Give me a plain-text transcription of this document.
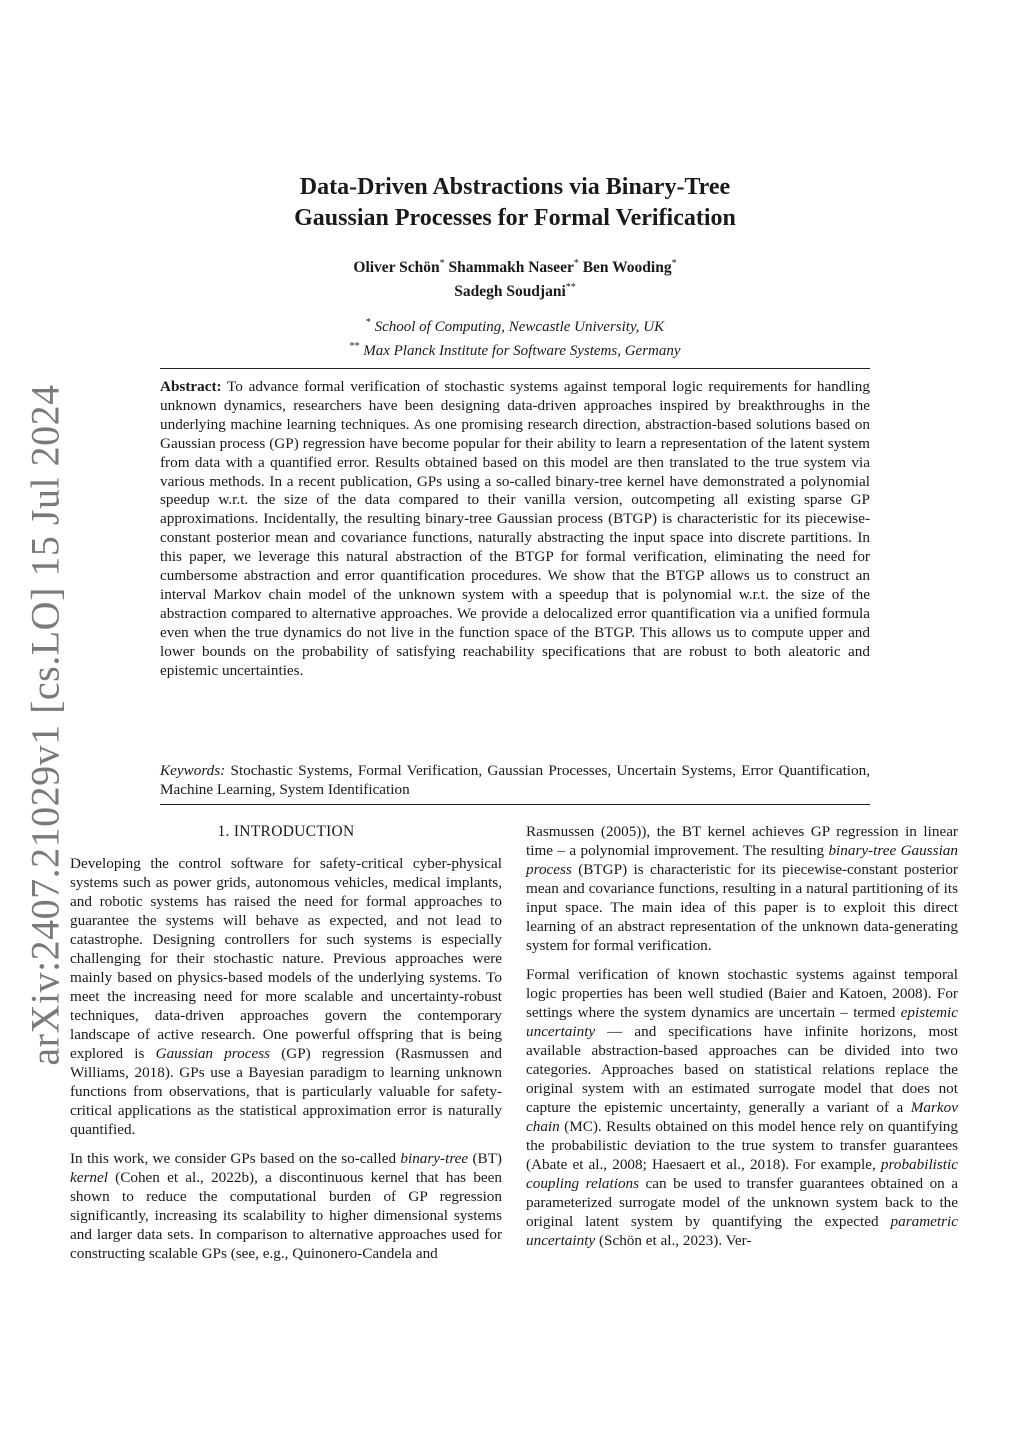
arXiv:2407.21029v1 [cs.LO] 15 Jul 2024
Data-Driven Abstractions via Binary-Tree
Gaussian Processes for Formal Verification
Oliver Schön* Shammakh Naseer* Ben Wooding*
Sadegh Soudjani**
* School of Computing, Newcastle University, UK
** Max Planck Institute for Software Systems, Germany
Abstract: To advance formal verification of stochastic systems against temporal logic requirements for handling unknown dynamics, researchers have been designing data-driven approaches inspired by breakthroughs in the underlying machine learning techniques. As one promising research direction, abstraction-based solutions based on Gaussian process (GP) regression have become popular for their ability to learn a representation of the latent system from data with a quantified error. Results obtained based on this model are then translated to the true system via various methods. In a recent publication, GPs using a so-called binary-tree kernel have demonstrated a polynomial speedup w.r.t. the size of the data compared to their vanilla version, outcompeting all existing sparse GP approximations. Incidentally, the resulting binary-tree Gaussian process (BTGP) is characteristic for its piecewise-constant posterior mean and covariance functions, naturally abstracting the input space into discrete partitions. In this paper, we leverage this natural abstraction of the BTGP for formal verification, eliminating the need for cumbersome abstraction and error quantification procedures. We show that the BTGP allows us to construct an interval Markov chain model of the unknown system with a speedup that is polynomial w.r.t. the size of the abstraction compared to alternative approaches. We provide a delocalized error quantification via a unified formula even when the true dynamics do not live in the function space of the BTGP. This allows us to compute upper and lower bounds on the probability of satisfying reachability specifications that are robust to both aleatoric and epistemic uncertainties.
Keywords: Stochastic Systems, Formal Verification, Gaussian Processes, Uncertain Systems, Error Quantification, Machine Learning, System Identification
1. INTRODUCTION

Developing the control software for safety-critical cyber-physical systems such as power grids, autonomous vehicles, medical implants, and robotic systems has raised the need for formal approaches to guarantee the systems will behave as expected, and not lead to catastrophe. Designing controllers for such systems is especially challenging for their stochastic nature. Previous approaches were mainly based on physics-based models of the underlying systems. To meet the increasing need for more scalable and uncertainty-robust techniques, data-driven approaches govern the contemporary landscape of active research. One powerful offspring that is being explored is Gaussian process (GP) regression (Rasmussen and Williams, 2018). GPs use a Bayesian paradigm to learning unknown functions from observations, that is particularly valuable for safety-critical applications as the statistical approximation error is naturally quantified.

In this work, we consider GPs based on the so-called binary-tree (BT) kernel (Cohen et al., 2022b), a discontinuous kernel that has been shown to reduce the computational burden of GP regression significantly, increasing its scalability to higher dimensional systems and larger data sets. In comparison to alternative approaches used for constructing scalable GPs (see, e.g., Quinonero-Candela and

Rasmussen (2005)), the BT kernel achieves GP regression in linear time – a polynomial improvement. The resulting binary-tree Gaussian process (BTGP) is characteristic for its piecewise-constant posterior mean and covariance functions, resulting in a natural partitioning of its input space. The main idea of this paper is to exploit this direct learning of an abstract representation of the unknown data-generating system for formal verification.

Formal verification of known stochastic systems against temporal logic properties has been well studied (Baier and Katoen, 2008). For settings where the system dynamics are uncertain – termed epistemic uncertainty — and specifications have infinite horizons, most available abstraction-based approaches can be divided into two categories. Approaches based on statistical relations replace the original system with an estimated surrogate model that does not capture the epistemic uncertainty, generally a variant of a Markov chain (MC). Results obtained on this model hence rely on quantifying the probabilistic deviation to the true system to transfer guarantees (Abate et al., 2008; Haesaert et al., 2018). For example, probabilistic coupling relations can be used to transfer guarantees obtained on a parameterized surrogate model of the unknown system back to the original latent system by quantifying the expected parametric uncertainty (Schön et al., 2023). Ver-
